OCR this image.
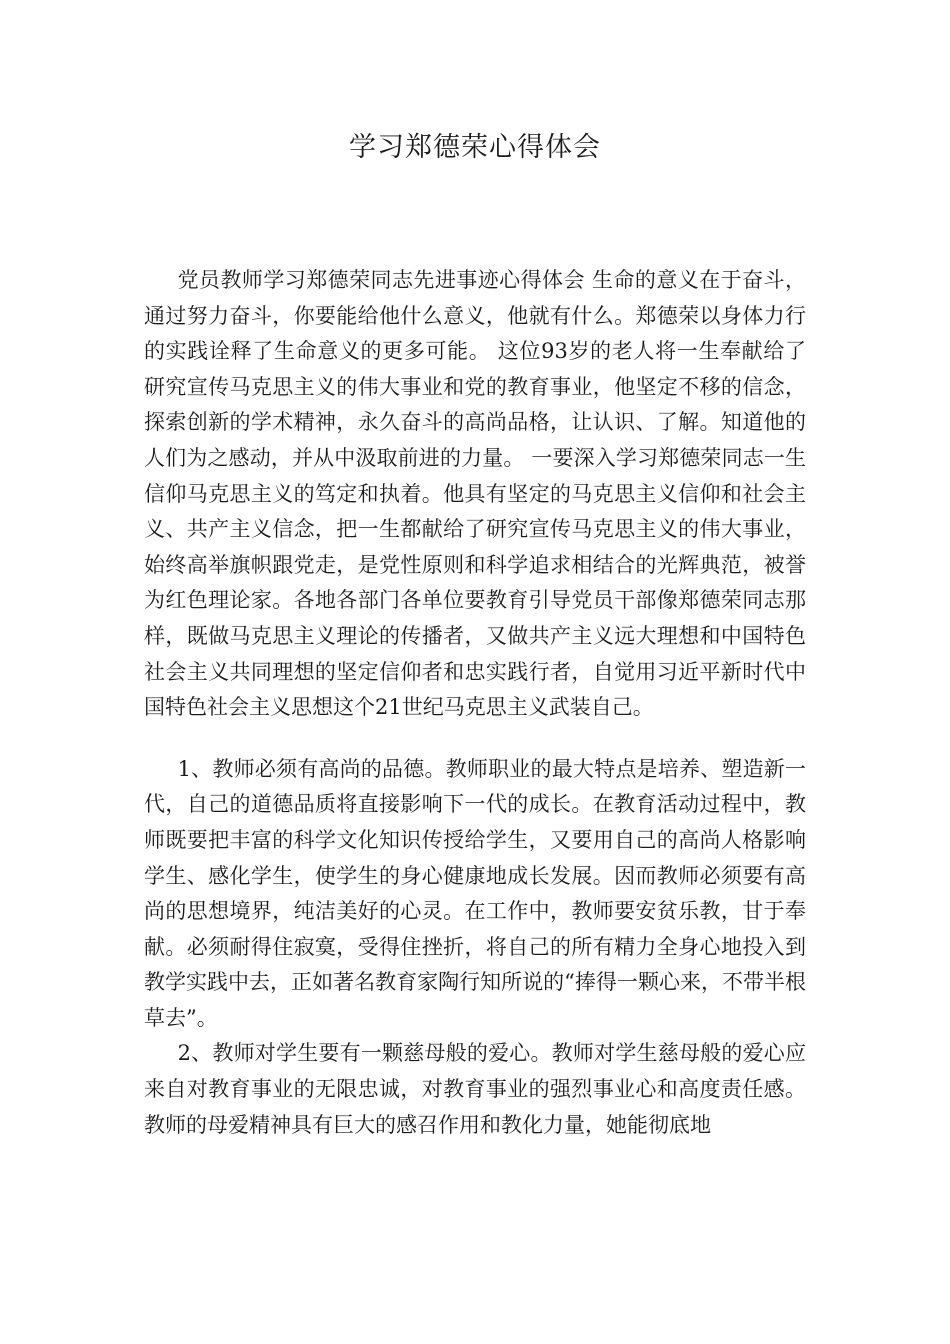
学习郑德荣心得体会

党员教师学习郑德荣同志先进事迹心得体会 生命的意义在于奋斗，通过努力奋斗，你要能给他什么意义，他就有什么。郑德荣以身体力行的实践诠释了生命意义的更多可能。 这位93岁的老人将一生奉献给了研究宣传马克思主义的伟大事业和党的教育事业，他坚定不移的信念，探索创新的学术精神，永久奋斗的高尚品格，让认识、了解。知道他的人们为之感动，并从中汲取前进的力量。 一要深入学习郑德荣同志一生信仰马克思主义的笃定和执着。他具有坚定的马克思主义信仰和社会主义、共产主义信念，把一生都献给了研究宣传马克思主义的伟大事业，始终高举旗帜跟党走，是党性原则和科学追求相结合的光辉典范，被誉为红色理论家。各地各部门各单位要教育引导党员干部像郑德荣同志那样，既做马克思主义理论的传播者，又做共产主义远大理想和中国特色社会主义共同理想的坚定信仰者和忠实践行者，自觉用习近平新时代中国特色社会主义思想这个21世纪马克思主义武装自己。

1、教师必须有高尚的品德。教师职业的最大特点是培养、塑造新一代，自己的道德品质将直接影响下一代的成长。在教育活动过程中，教师既要把丰富的科学文化知识传授给学生，又要用自己的高尚人格影响学生、感化学生，使学生的身心健康地成长发展。因而教师必须要有高尚的思想境界，纯洁美好的心灵。在工作中，教师要安贫乐教，甘于奉献。必须耐得住寂寞，受得住挫折，将自己的所有精力全身心地投入到教学实践中去，正如著名教育家陶行知所说的“捧得一颗心来，不带半根草去”。

2、教师对学生要有一颗慈母般的爱心。教师对学生慈母般的爱心应来自对教育事业的无限忠诚，对教育事业的强烈事业心和高度责任感。教师的母爱精神具有巨大的感召作用和教化力量，她能彻底地
